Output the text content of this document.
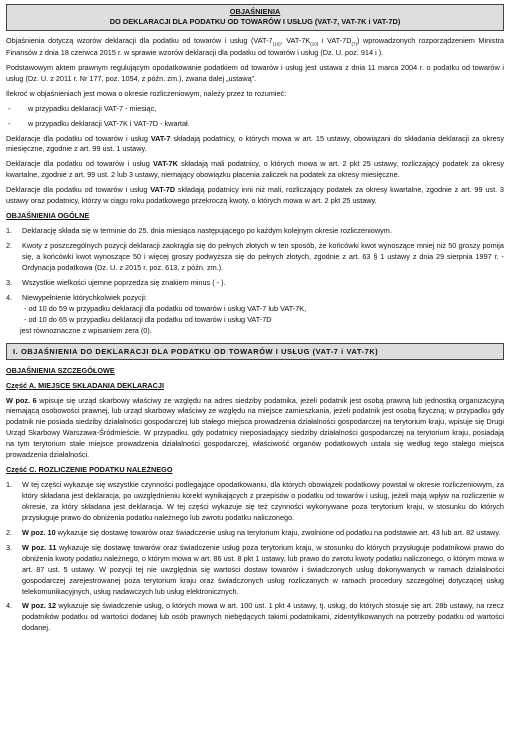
OBJAŚNIENIA
DO DEKLARACJI DLA PODATKU OD TOWARÓW I USŁUG (VAT-7, VAT-7K i VAT-7D)

Objaśnienia dotyczą wzorów deklaracji dla podatku od towarów i usług ($VAT-7_{(16)}$, VAT-$7K_{(10)}$ i VAT-$7D_{(7)}$) wprowadzonych rozporządzeniem Ministra Finansów z dnia 18 czerwca 2015 r. w sprawie wzorów deklaracji dla podatku od towarów i usług (Dz. U. poz. 914 i ).

Podstawowym aktem prawnym regulującym opodatkowanie podatkiem od towarów i usług jest ustawa z dnia 11 marca 2004 r. o podatku od towarów i usług (Dz. U. z 2011 r. Nr 177, poz. 1054, z późn. zm.), zwana dalej „ustawą”.

Ilekroć w objaśnieniach jest mowa o okresie rozliczeniowym, należy przez to rozumieć:

-	w przypadku deklaracji VAT-7 - miesiąc,
-	w przypadku deklaracji VAT-7K i VAT-7D - kwartał.

Deklaracje dla podatku od towarów i usług VAT-7 składają podatnicy, o których mowa w art. 15 ustawy, obowiązani do składania deklaracji za okresy miesięczne, zgodnie z art. 99 ust. 1 ustawy.

Deklaracje dla podatku od towarów i usług VAT-7K składają mali podatnicy, o których mowa w art. 2 pkt 25 ustawy, rozliczający podatek za okresy kwartalne, zgodnie z art. 99 ust. 2 lub 3 ustawy, niemający obowiązku płacenia zaliczek na podatek za okresy miesięczne.

Deklaracje dla podatku od towarów i usług VAT-7D składają podatnicy inni niż mali, rozliczający podatek za okresy kwartalne, zgodnie z art. 99 ust. 3 ustawy oraz podatnicy, którzy w ciągu roku podatkowego przekroczą kwoty, o których mowa w art. 2 pkt 25 ustawy.

OBJAŚNIENIA OGÓLNE
1.	Deklarację składa się w terminie do 25. dnia miesiąca następującego po każdym kolejnym okresie rozliczeniowym.
2.	Kwoty z poszczególnych pozycji deklaracji zaokrągla się do pełnych złotych w ten sposób, że końcówki kwot wynoszące mniej niż 50 groszy pomija się, a końcówki kwot wynoszące 50 i więcej groszy podwyższa się do pełnych złotych, zgodnie z art. 63 § 1 ustawy z dnia 29 sierpnia 1997 r. - Ordynacja podatkowa (Dz. U. z 2015 r. poz. 613, z późn. zm.).
3.	Wszystkie wielkości ujemne poprzedza się znakiem minus ( - ).
4.	Niewypełnienie których​kolwiek pozycji:

- od 10 do 59 w przypadku deklaracji dla podatku od towarów i usług VAT-7 lub VAT-7K,

- od 10 do 65 w przypadku deklaracji dla podatku od towarów i usług VAT-7D

jest równoznaczne z wpisaniem zera (0).

I. OBJAŚNIENIA DO DEKLARACJI DLA PODATKU OD TOWARÓW I USŁUG (VAT-7 i VAT-7K)
OBJAŚNIENIA SZCZEGÓŁOWE
Część A. MIEJSCE SKŁADANIA DEKLARACJI

W poz. 6 wpisuje się urząd skarbowy właściwy ze względu na adres siedziby podatnika, jeżeli podatnik jest osobą prawną lub jednostką organizacyjną niemającą osobowości prawnej, lub urząd skarbowy właściwy ze względu na miejsce zamieszkania, jeżeli podatnik jest osobą fizyczną; w przypadku gdy podatnik nie posiada siedziby działalności gospodarczej lub stałego miejsca prowadzenia działalności gospodarczej na terytorium kraju, wpisuje się Drugi Urząd Skarbowy Warszawa-Śródmieście. W przypadku, gdy podatnicy nieposiadający siedziby działalności gospodarczej na terytorium kraju, posiadają na tym terytorium stałe miejsce prowadzenia działalności gospodarczej, właściwość organów podatkowych ustala się według tego stałego miejsca prowadzenia działalności.

Część C. ROZLICZENIE PODATKU NALEŻNEGO
1.	W tej części wykazuje się wszystkie czynności podlegające opodatkowaniu, dla których obowiązek podatkowy powstał w okresie rozliczeniowym, za który składana jest deklaracja, po uwzględnieniu korekt wynikających z przepisów o podatku od towarów i usług, jeżeli mają wpływ na rozliczenie w okresie, za który składana jest deklaracja. W tej części wykazuje się też czynności wykonywane poza terytorium kraju, w stosunku do których przysługuje prawo do obniżenia podatku należnego lub zwrotu podatku naliczonego.
2.	W poz. 10 wykazuje się dostawę towarów oraz świadczenie usług na terytorium kraju, zwolnione od podatku na podstawie art. 43 lub art. 82 ustawy.
3.	W poz. 11 wykazuje się dostawę towarów oraz świadczenie usług poza terytorium kraju, w stosunku do których przysługuje podatnikowi prawo do obniżenia kwoty podatku należnego, o którym mowa w art. 86 ust. 8 pkt 1 ustawy, lub prawo do zwrotu kwoty podatku naliczonego, o którym mowa w art. 87 ust. 5 ustawy. W pozycji tej nie uwzględnia się wartości dostaw towarów i świadczonych usług dokonywanych w ramach działalności gospodarczej zarejestrowanej poza terytorium kraju oraz świadczonych usług rozliczanych w ramach procedury szczególnej dotyczącej usług telekomunikacyjnych, usług nadawczych lub usług elektronicznych.
4.	W poz. 12 wykazuje się świadczenie usług, o których mowa w art. 100 ust. 1 pkt 4 ustawy, tj. usług, do których stosuje się art. 28b ustawy, na rzecz podatników podatku od wartości dodanej lub osób prawnych niebędących takimi podatnikami, zidentyfikowanych na potrzeby podatku od wartości dodanej.
